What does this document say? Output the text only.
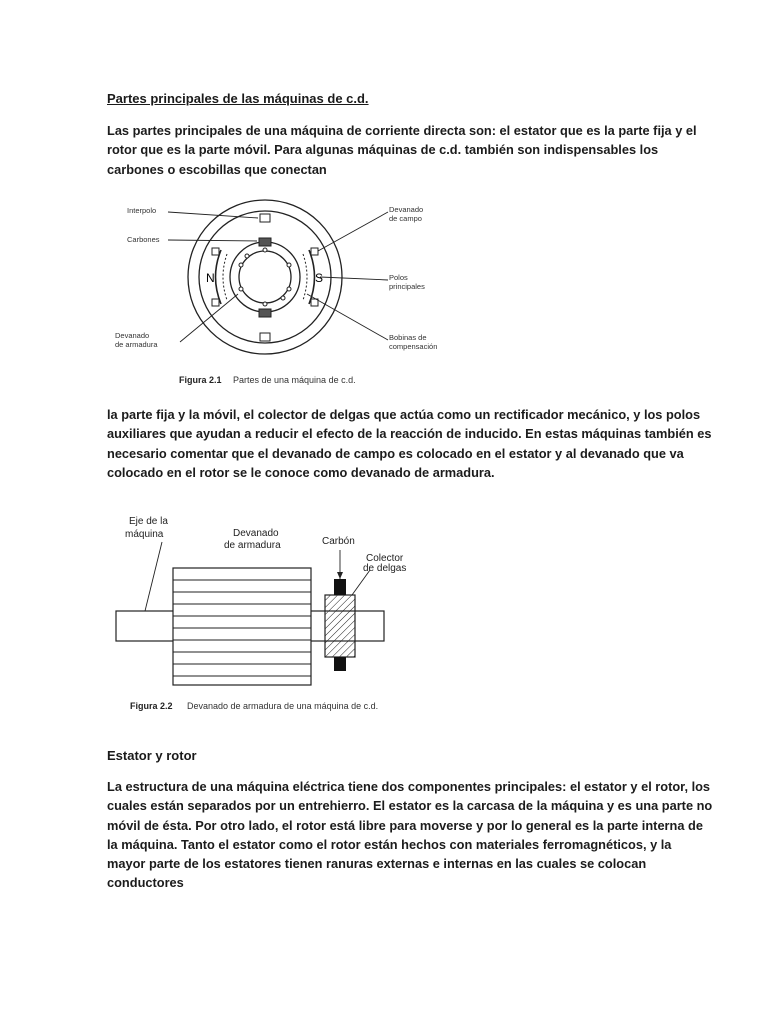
Partes principales de las máquinas de c.d.

Las partes principales de una máquina de corriente directa son: el estator que es la parte fija y el
rotor que es la parte móvil. Para algunas máquinas de c.d. también son indispensables los
carbones o escobillas que conectan

N	S
Interpolo
Carbones
Devanado
de armadura
Devanado
de campo
Polos
principales
Bobinas de
compensación
Figura 2.1 Partes de una máquina de c.d.

la parte fija y la móvil, el colector de delgas que actúa como un rectificador mecánico, y los polos
auxiliares que ayudan a reducir el efecto de la reacción de inducido. En estas máquinas también es
necesario comentar que el devanado de campo es colocado en el estator y al devanado que va
colocado en el rotor se le conoce como devanado de armadura.

Eje de la
máquina	Devanado
de armadura	Carbón
Colector
de delgas
Figura 2.2 Devanado de armadura de una máquina de c.d.
Estator y rotor

La estructura de una máquina eléctrica tiene dos componentes principales: el estator y el rotor, los
cuales están separados por un entrehierro. El estator es la carcasa de la máquina y es una parte no
móvil de ésta. Por otro lado, el rotor está libre para moverse y por lo general es la parte interna de
la máquina. Tanto el estator como el rotor están hechos con materiales ferromagnéticos, y la
mayor parte de los estatores tienen ranuras externas e internas en las cuales se colocan
conductores
